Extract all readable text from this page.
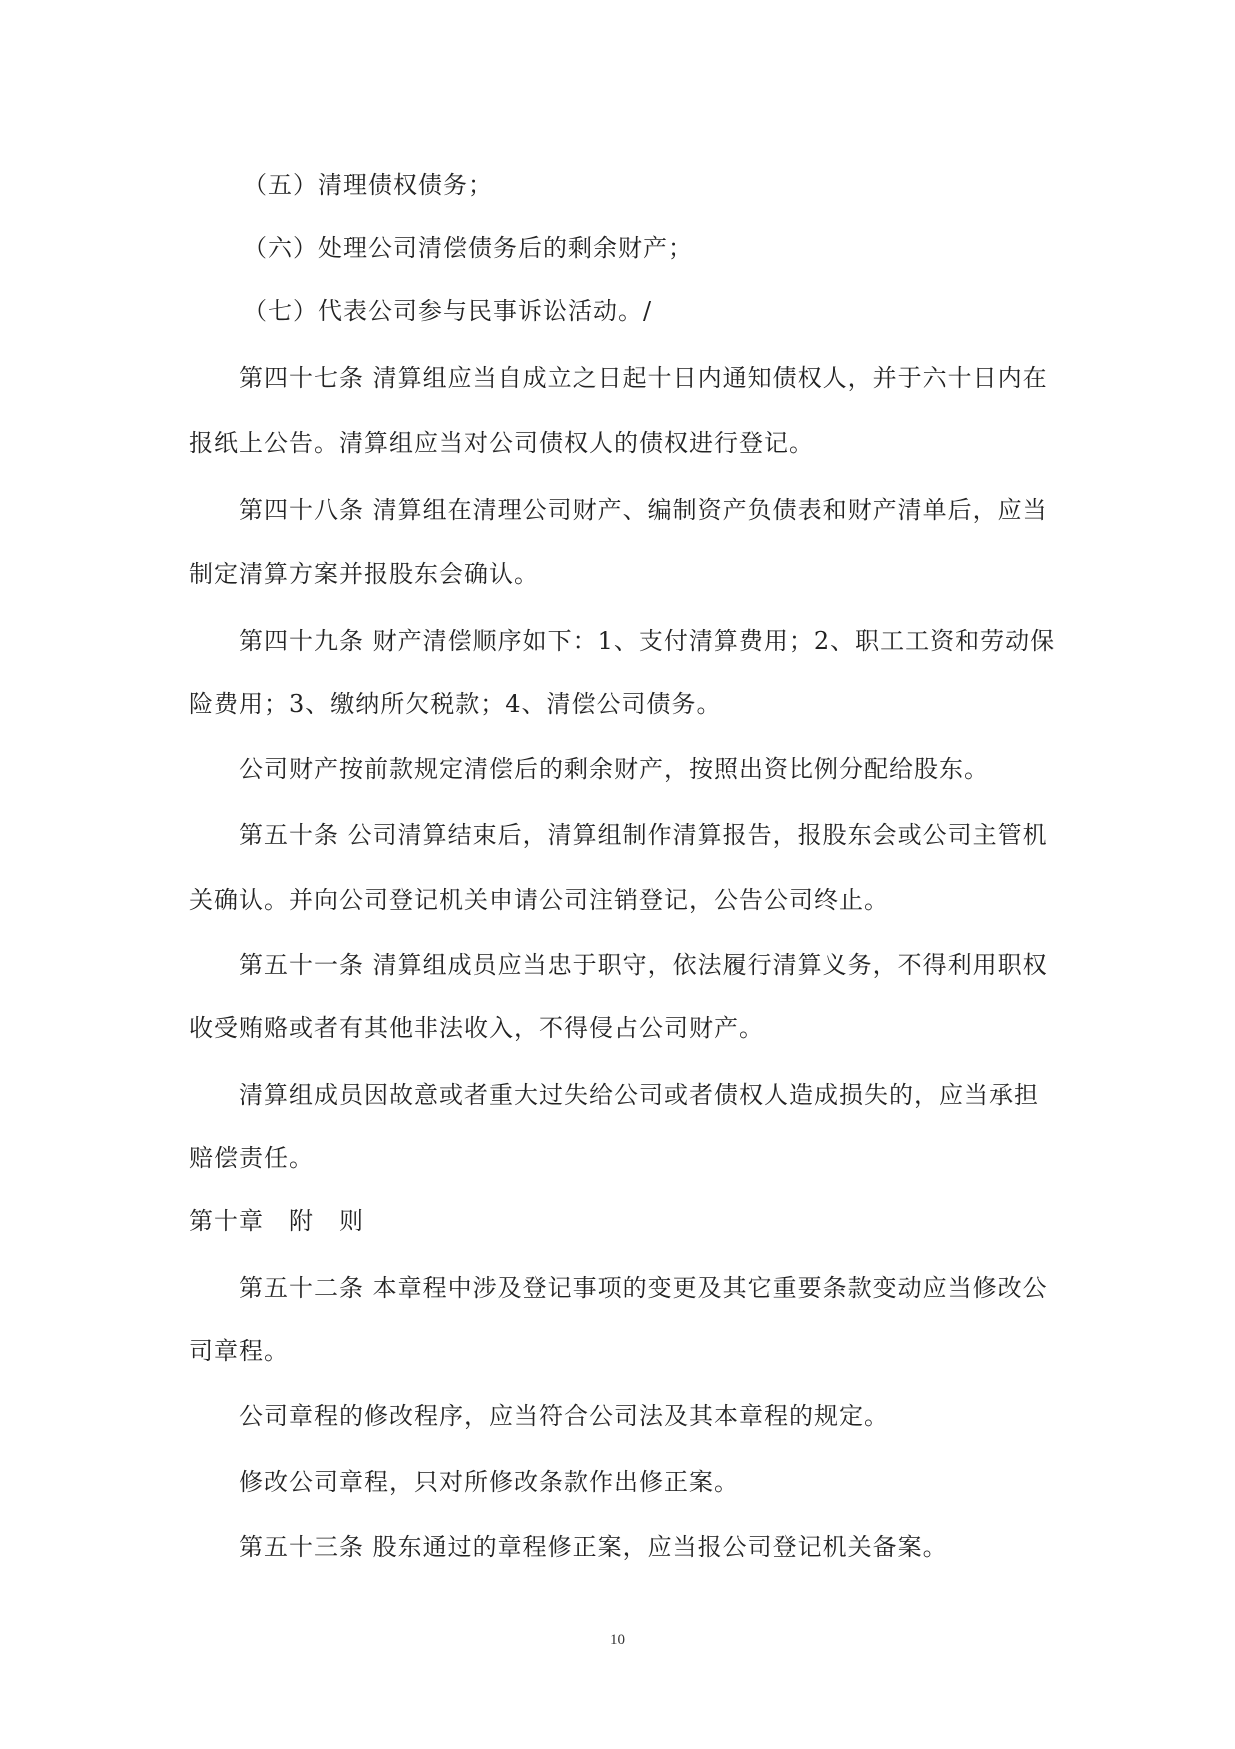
（五）清理债权债务；
（六）处理公司清偿债务后的剩余财产；
（七）代表公司参与民事诉讼活动。/
第四十七条 清算组应当自成立之日起十日内通知债权人，并于六十日内在
报纸上公告。清算组应当对公司债权人的债权进行登记。
第四十八条 清算组在清理公司财产、编制资产负债表和财产清单后，应当
制定清算方案并报股东会确认。
第四十九条 财产清偿顺序如下：1、支付清算费用；2、职工工资和劳动保
险费用；3、缴纳所欠税款；4、清偿公司债务。
公司财产按前款规定清偿后的剩余财产，按照出资比例分配给股东。
第五十条 公司清算结束后，清算组制作清算报告，报股东会或公司主管机
关确认。并向公司登记机关申请公司注销登记，公告公司终止。
第五十一条 清算组成员应当忠于职守，依法履行清算义务，不得利用职权
收受贿赂或者有其他非法收入，不得侵占公司财产。
清算组成员因故意或者重大过失给公司或者债权人造成损失的，应当承担
赔偿责任。
第十章　附　则
第五十二条 本章程中涉及登记事项的变更及其它重要条款变动应当修改公
司章程。
公司章程的修改程序，应当符合公司法及其本章程的规定。
修改公司章程，只对所修改条款作出修正案。
第五十三条 股东通过的章程修正案，应当报公司登记机关备案。
10
